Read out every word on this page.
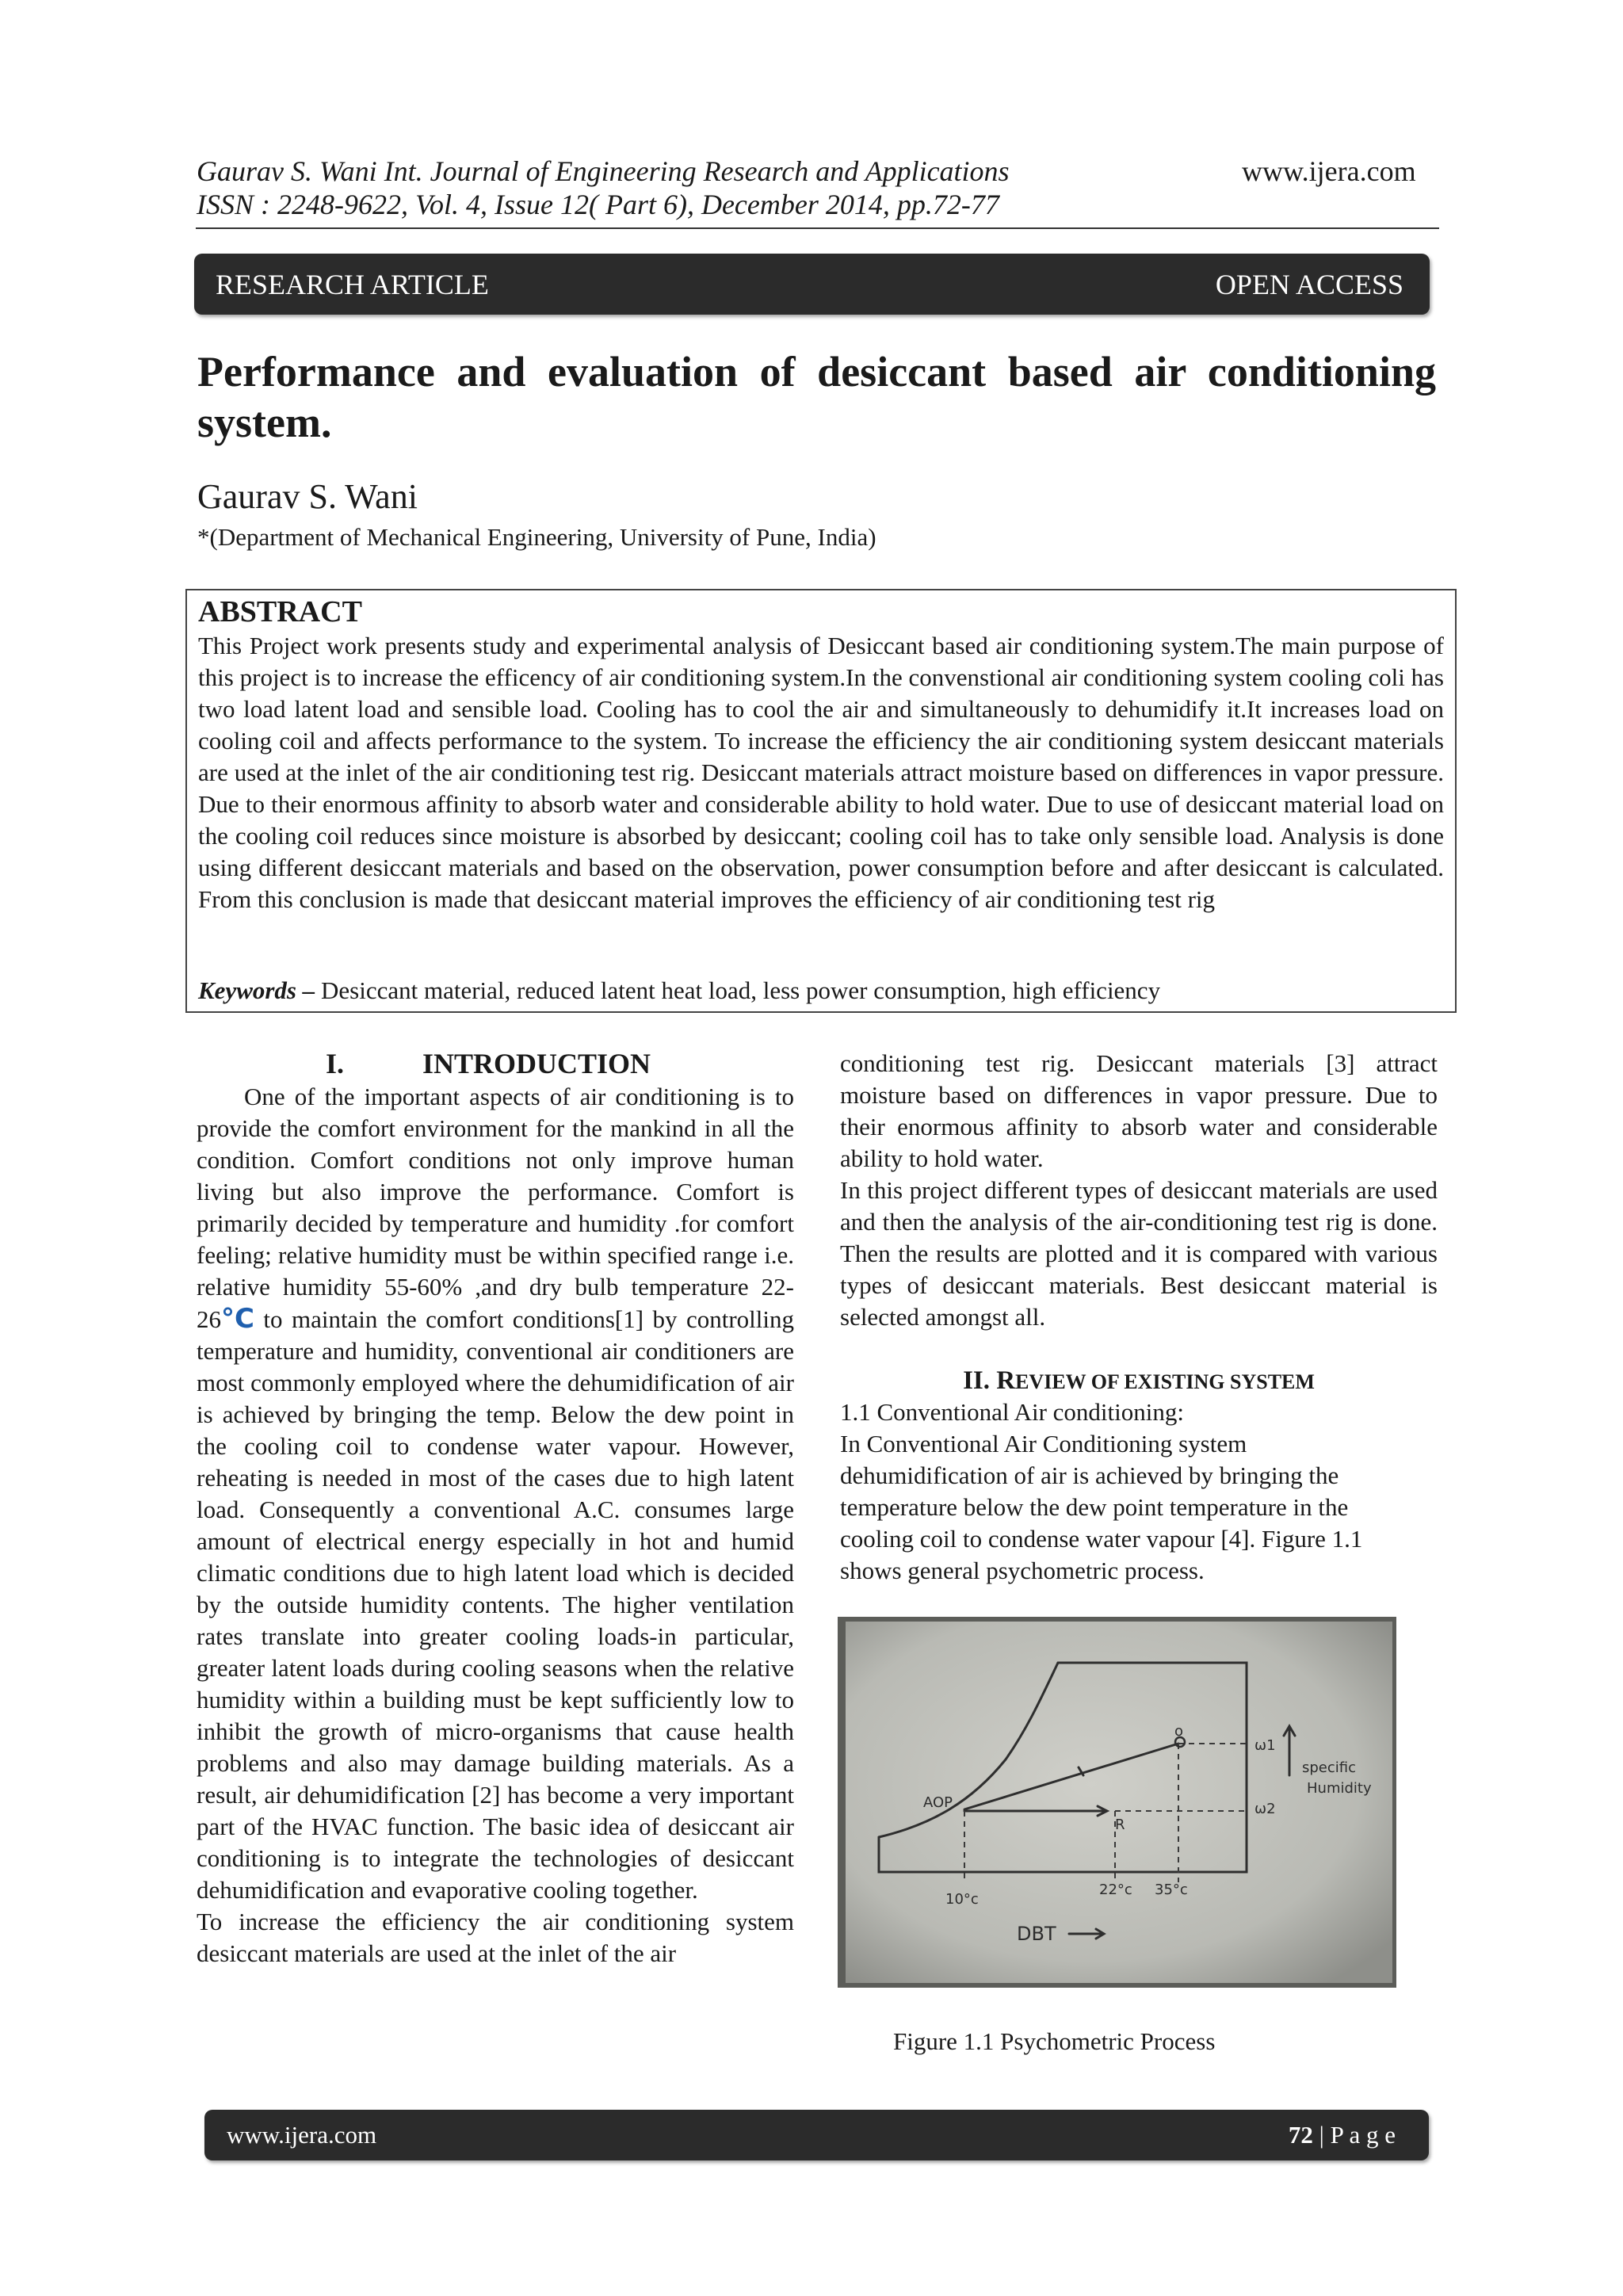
Gaurav S. Wani Int. Journal of Engineering Research and Applications	www.ijera.com
ISSN : 2248-9622, Vol. 4, Issue 12( Part 6), December 2014, pp.72-77
RESEARCH ARTICLE	OPEN ACCESS
Performance and evaluation of desiccant based air conditioning system.
Gaurav S. Wani
*(Department of Mechanical Engineering, University of Pune, India)
ABSTRACT
This Project work presents study and experimental analysis of Desiccant based air conditioning system.The main purpose of this project is to increase the efficency of air conditioning system.In the convenstional air conditioning system cooling coli has two load latent load and sensible load. Cooling has to cool the air and simultaneously to dehumidify it.It increases load on cooling coil and affects performance to the system. To increase the efficiency the air conditioning system desiccant materials are used at the inlet of the air conditioning test rig. Desiccant materials attract moisture based on differences in vapor pressure. Due to their enormous affinity to absorb water and considerable ability to hold water. Due to use of desiccant material load on the cooling coil reduces since moisture is absorbed by desiccant; cooling coil has to take only sensible load. Analysis is done using different desiccant materials and based on the observation, power consumption before and after desiccant is calculated. From this conclusion is made that desiccant material improves the efficiency of air conditioning test rig
Keywords – Desiccant material, reduced latent heat load, less power consumption, high efficiency
I.	INTRODUCTION

One of the important aspects of air conditioning is to provide the comfort environment for the mankind in all the condition. Comfort conditions not only improve human living but also improve the performance. Comfort is primarily decided by temperature and humidity .for comfort feeling; relative humidity must be within specified range i.e. relative humidity 55-60% ,and dry bulb temperature 22-26°C to maintain the comfort conditions[1] by controlling temperature and humidity, conventional air conditioners are most commonly employed where the dehumidification of air is achieved by bringing the temp. Below the dew point in the cooling coil to condense water vapour. However, reheating is needed in most of the cases due to high latent load. Consequently a conventional A.C. consumes large amount of electrical energy especially in hot and humid climatic conditions due to high latent load which is decided by the outside humidity contents. The higher ventilation rates translate into greater cooling loads-in particular, greater latent loads during cooling seasons when the relative humidity within a building must be kept sufficiently low to inhibit the growth of micro-organisms that cause health problems and also may damage building materials. As a result, air dehumidification [2] has become a very important part of the HVAC function. The basic idea of desiccant air conditioning is to integrate the technologies of desiccant dehumidification and evaporative cooling together.

To increase the efficiency the air conditioning system desiccant materials are used at the inlet of the air

conditioning test rig. Desiccant materials [3] attract moisture based on differences in vapor pressure. Due to their enormous affinity to absorb water and considerable ability to hold water.

In this project different types of desiccant materials are used and then the analysis of the air-conditioning test rig is done. Then the results are plotted and it is compared with various types of desiccant materials. Best desiccant material is selected amongst all.

II. REVIEW OF EXISTING SYSTEM
1.1 Conventional Air conditioning:
In Conventional Air Conditioning system
dehumidification of air is achieved by bringing the
temperature below the dew point temperature in the
cooling coil to condense water vapour [4]. Figure 1.1
shows general psychometric process.
AOP
o
R
ω1
ω2
specific
Humidity
10°c
22°c 35°c
DBT
Figure 1.1 Psychometric Process
www.ijera.com	72 | P a g e
